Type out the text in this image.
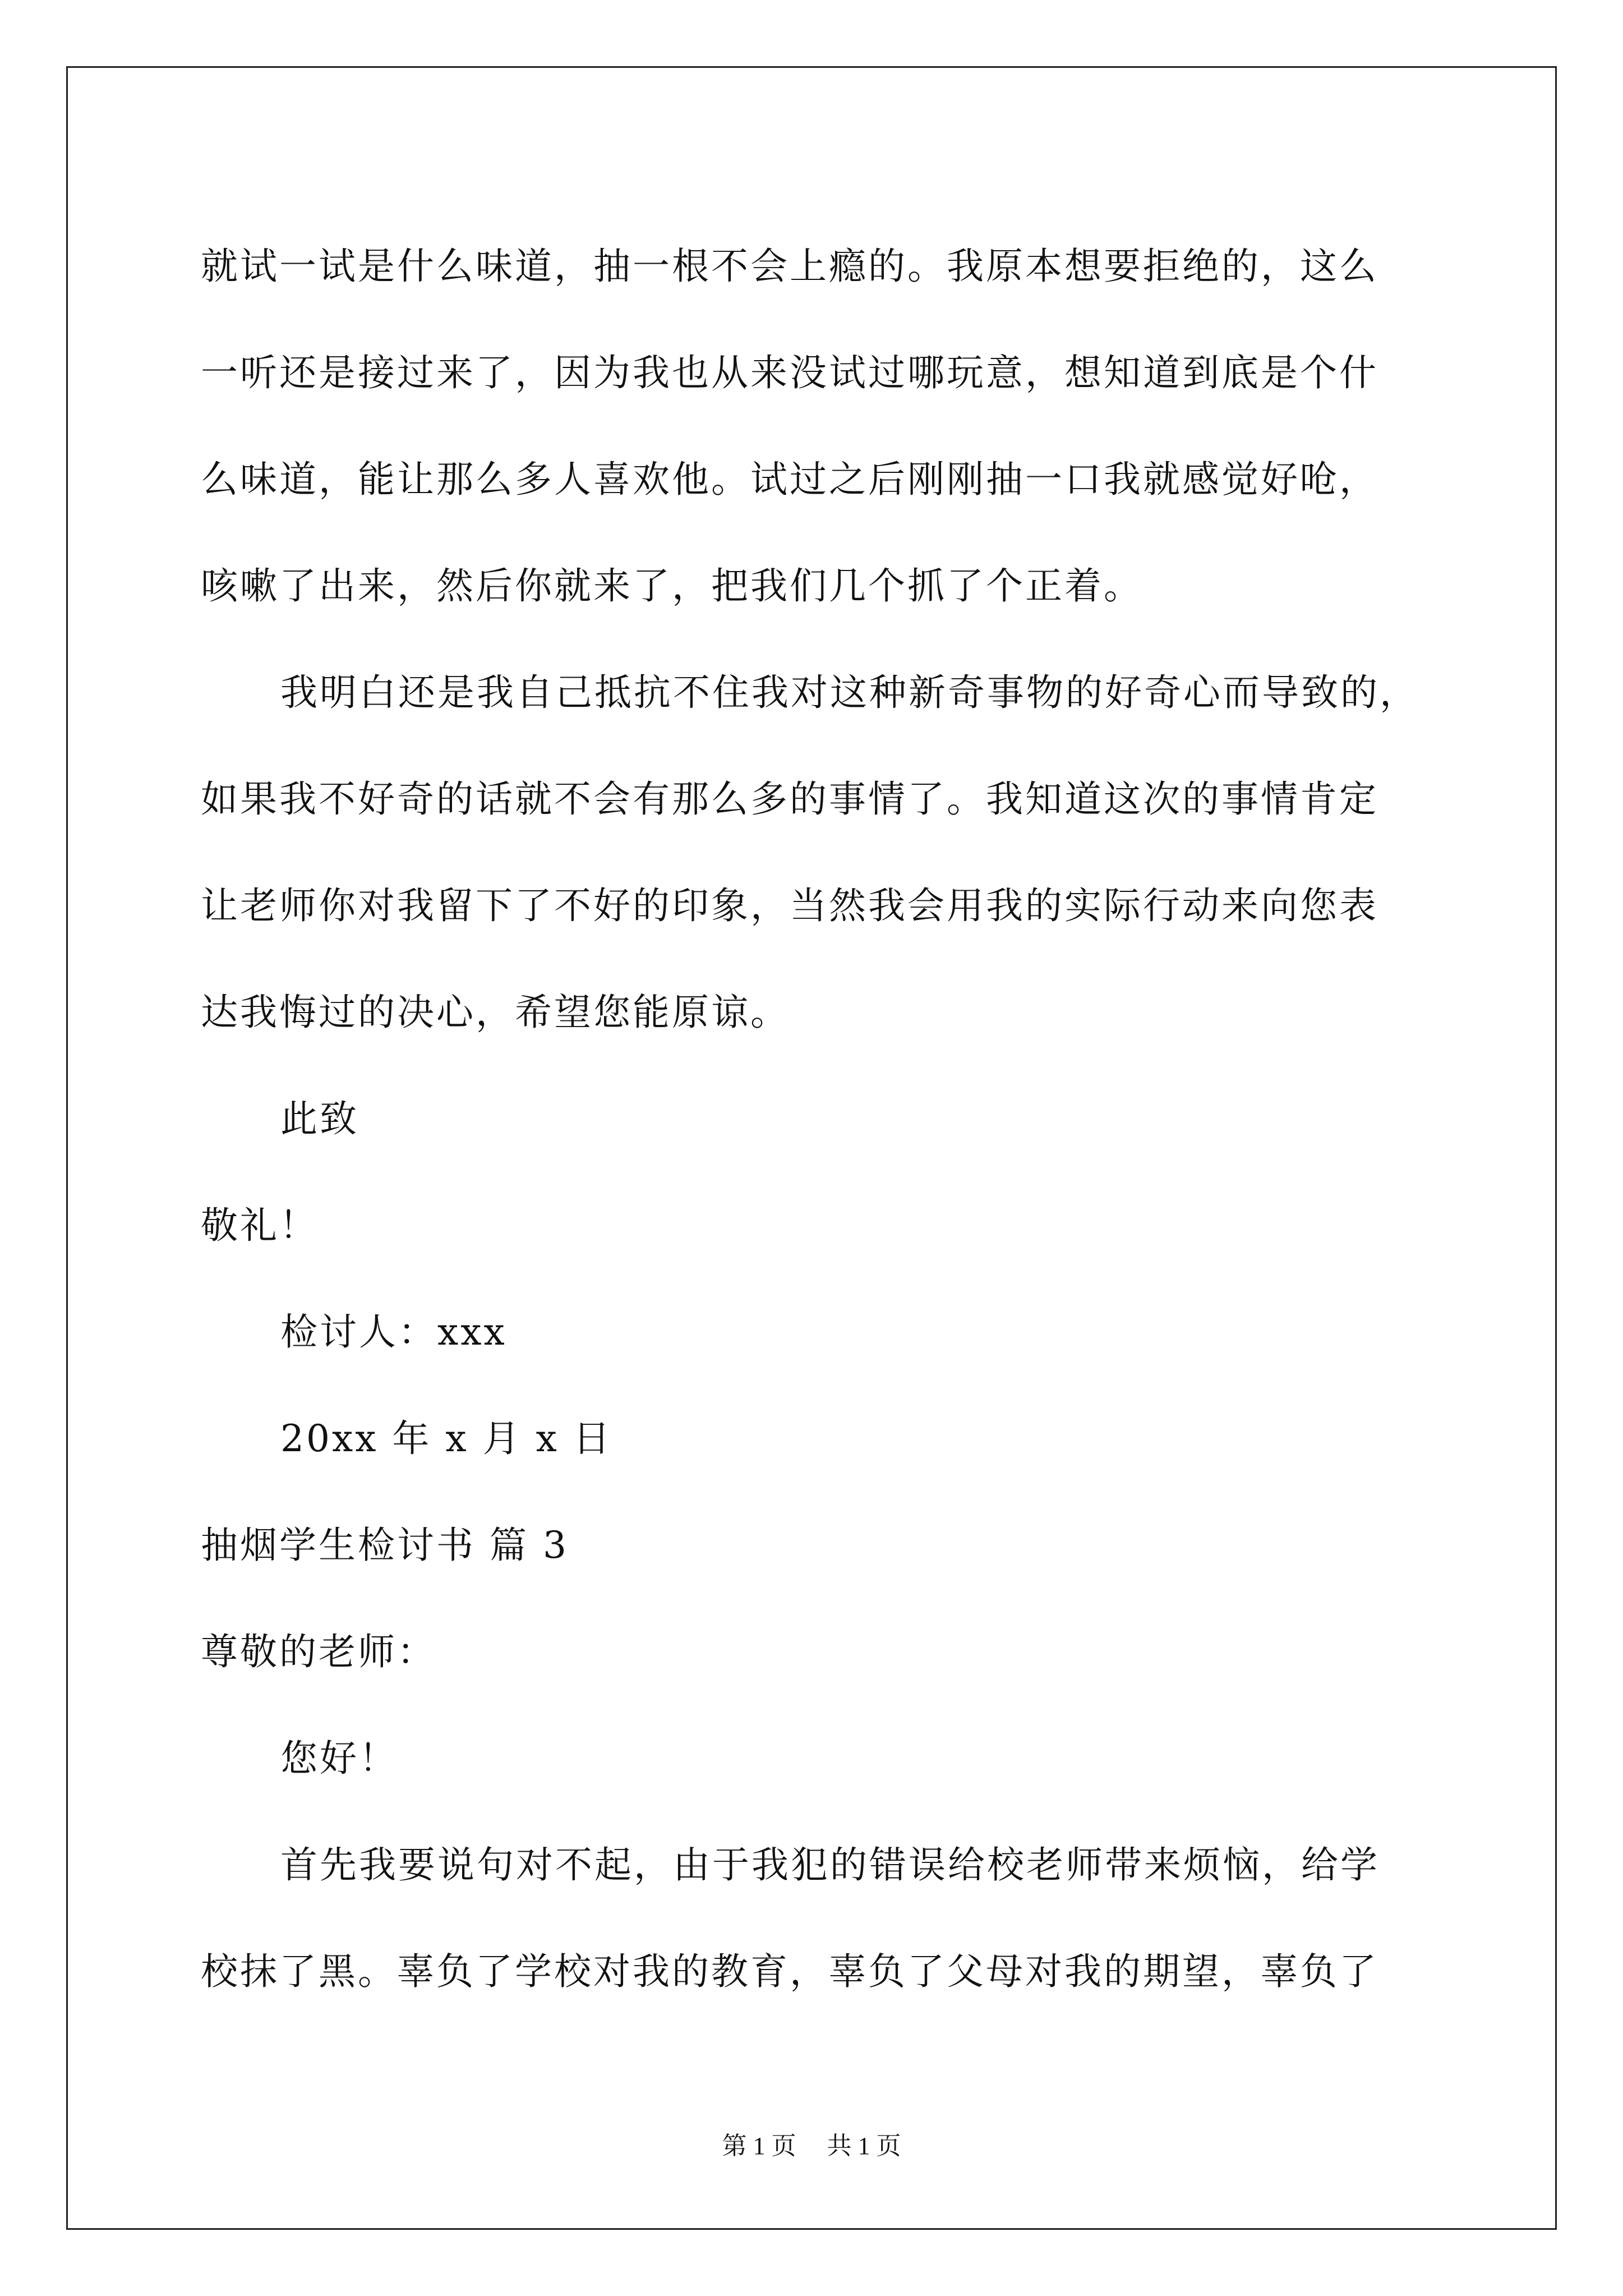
就试一试是什么味道，抽一根不会上瘾的。我原本想要拒绝的，这么
一听还是接过来了，因为我也从来没试过哪玩意，想知道到底是个什
么味道，能让那么多人喜欢他。试过之后刚刚抽一口我就感觉好呛，
咳嗽了出来，然后你就来了，把我们几个抓了个正着。
我明白还是我自己抵抗不住我对这种新奇事物的好奇心而导致的，
如果我不好奇的话就不会有那么多的事情了。我知道这次的事情肯定
让老师你对我留下了不好的印象，当然我会用我的实际行动来向您表
达我悔过的决心，希望您能原谅。
此致
敬礼！
检讨人：xxx
20xx 年 x 月 x 日
抽烟学生检讨书 篇 3
尊敬的老师：
您好！
首先我要说句对不起，由于我犯的错误给校老师带来烦恼，给学
校抹了黑。辜负了学校对我的教育，辜负了父母对我的期望，辜负了
第 1 页 共 1 页
